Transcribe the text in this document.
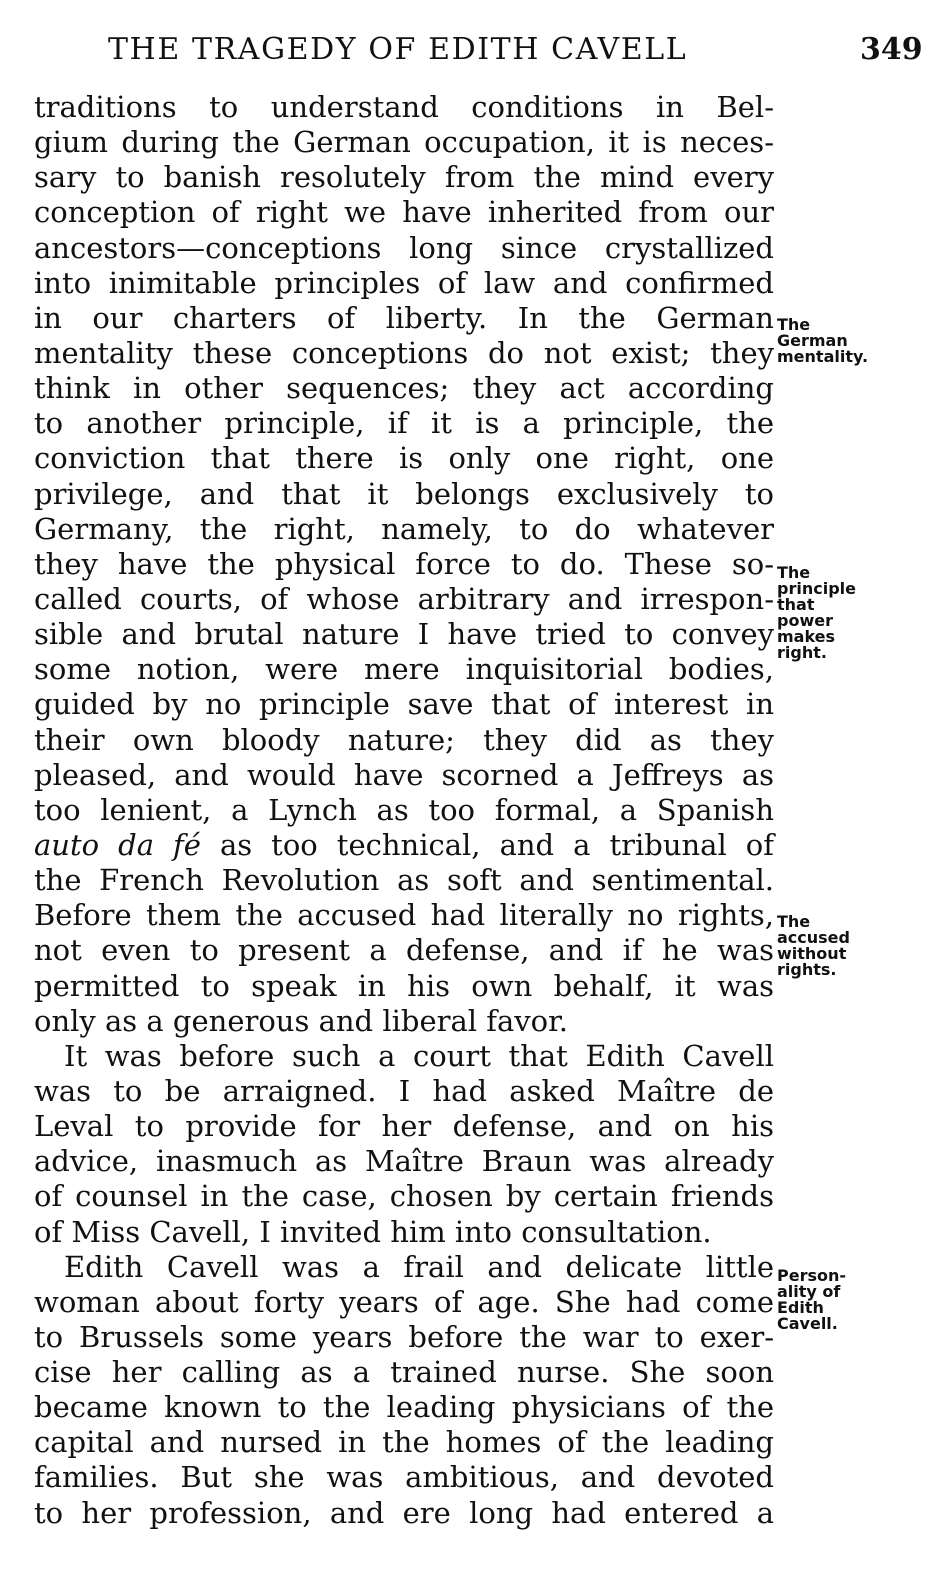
THE TRAGEDY OF EDITH CAVELL	349
traditions to understand conditions in Bel-
gium during the German occupation, it is neces-
sary to banish resolutely from the mind every
conception of right we have inherited from our
ancestors—conceptions long since crystallized
into inimitable principles of law and confirmed
in our charters of liberty. In the German
mentality these conceptions do not exist; they
think in other sequences; they act according
to another principle, if it is a principle, the
conviction that there is only one right, one
privilege, and that it belongs exclusively to
Germany, the right, namely, to do whatever
they have the physical force to do. These so-
called courts, of whose arbitrary and irrespon-
sible and brutal nature I have tried to convey
some notion, were mere inquisitorial bodies,
guided by no principle save that of interest in
their own bloody nature; they did as they
pleased, and would have scorned a Jeffreys as
too lenient, a Lynch as too formal, a Spanish
auto da fé as too technical, and a tribunal of
the French Revolution as soft and sentimental.
Before them the accused had literally no rights,
not even to present a defense, and if he was
permitted to speak in his own behalf, it was
only as a generous and liberal favor.
It was before such a court that Edith Cavell
was to be arraigned. I had asked Maître de
Leval to provide for her defense, and on his
advice, inasmuch as Maître Braun was already
of counsel in the case, chosen by certain friends
of Miss Cavell, I invited him into consultation.
Edith Cavell was a frail and delicate little
woman about forty years of age. She had come
to Brussels some years before the war to exer-
cise her calling as a trained nurse. She soon
became known to the leading physicians of the
capital and nursed in the homes of the leading
families. But she was ambitious, and devoted
to her profession, and ere long had entered a
The
German
mentality.
The
principle
that
power
makes
right.
The
accused
without
rights.
Person-
ality of
Edith
Cavell.
